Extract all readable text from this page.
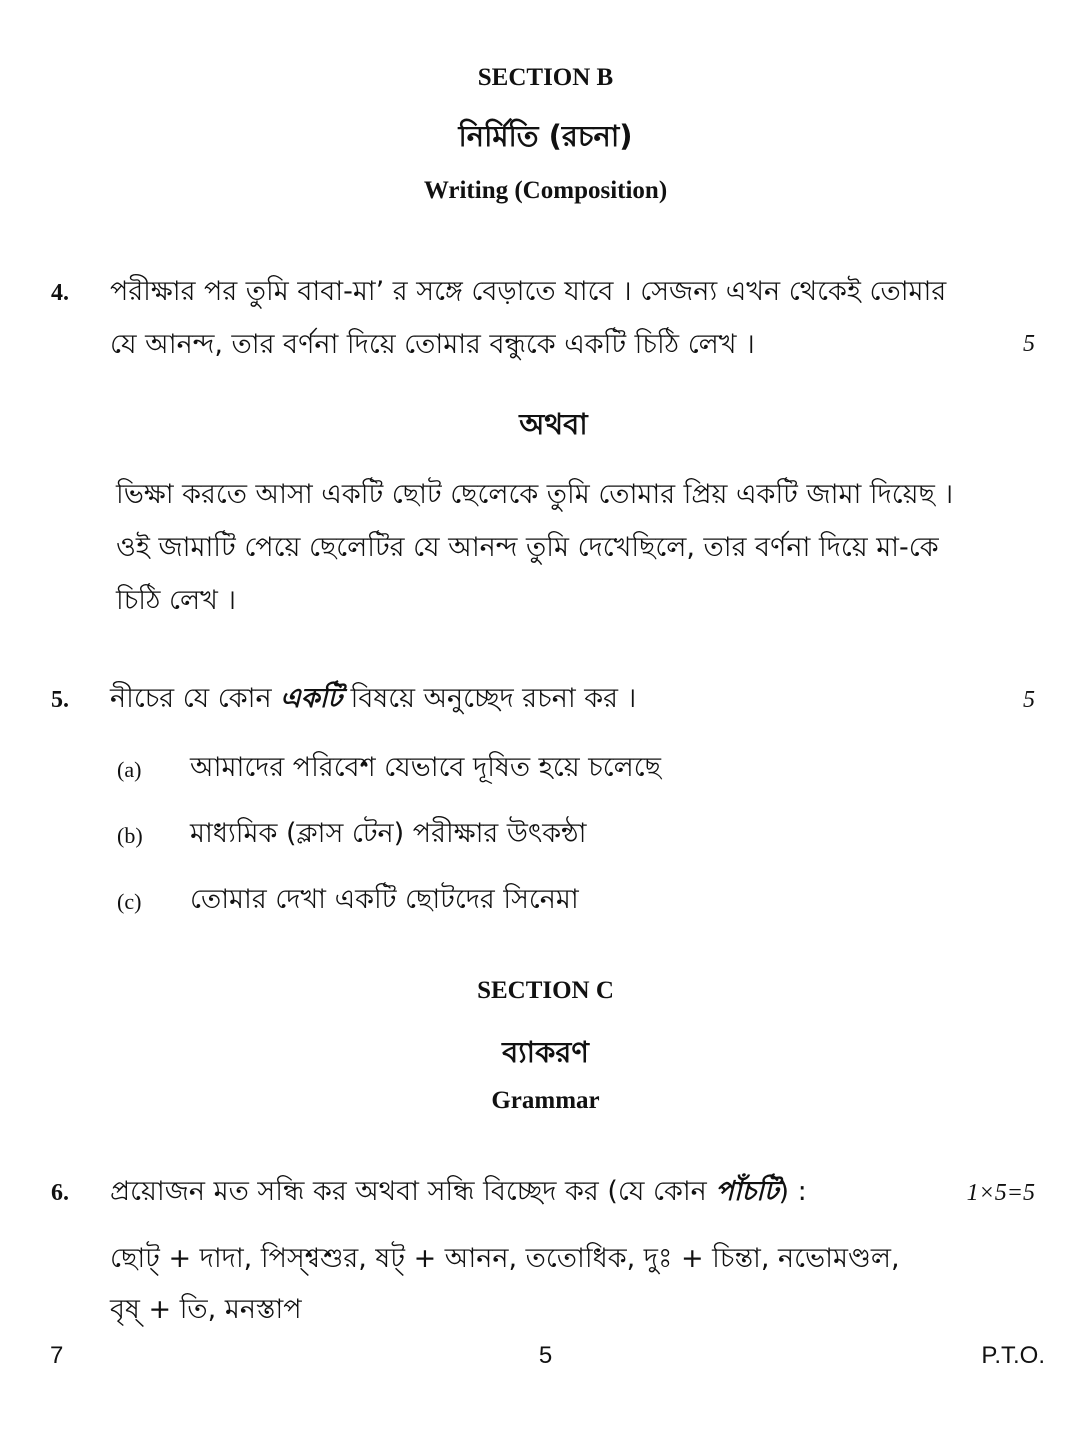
SECTION B
নির্মিতি (রচনা)
Writing (Composition)
4. পরীক্ষার পর তুমি বাবা-মা’ র সঙ্গে বেড়াতে যাবে । সেজন্য এখন থেকেই তোমার
যে আনন্দ, তার বর্ণনা দিয়ে তোমার বন্ধুকে একটি চিঠি লেখ ।	5
অথবা
ভিক্ষা করতে আসা একটি ছোট ছেলেকে তুমি তোমার প্রিয় একটি জামা দিয়েছ ।
ওই জামাটি পেয়ে ছেলেটির যে আনন্দ তুমি দেখেছিলে, তার বর্ণনা দিয়ে মা-কে
চিঠি লেখ ।
5. নীচের যে কোন একটি বিষয়ে অনুচ্ছেদ রচনা কর ।	5
(a) আমাদের পরিবেশ যেভাবে দূষিত হয়ে চলেছে
(b) মাধ্যমিক (ক্লাস টেন) পরীক্ষার উৎকন্ঠা
(c) তোমার দেখা একটি ছোটদের সিনেমা
SECTION C
ব্যাকরণ
Grammar
6. প্রয়োজন মত সন্ধি কর অথবা সন্ধি বিচ্ছেদ কর (যে কোন পাঁচটি) :	1×5=5
ছোট্ + দাদা, পিস্শ্বশুর, ষট্ + আনন, ততোধিক, দুঃ + চিন্তা, নভোমণ্ডল,
বৃষ্ + তি, মনস্তাপ
7	5	P.T.O.
